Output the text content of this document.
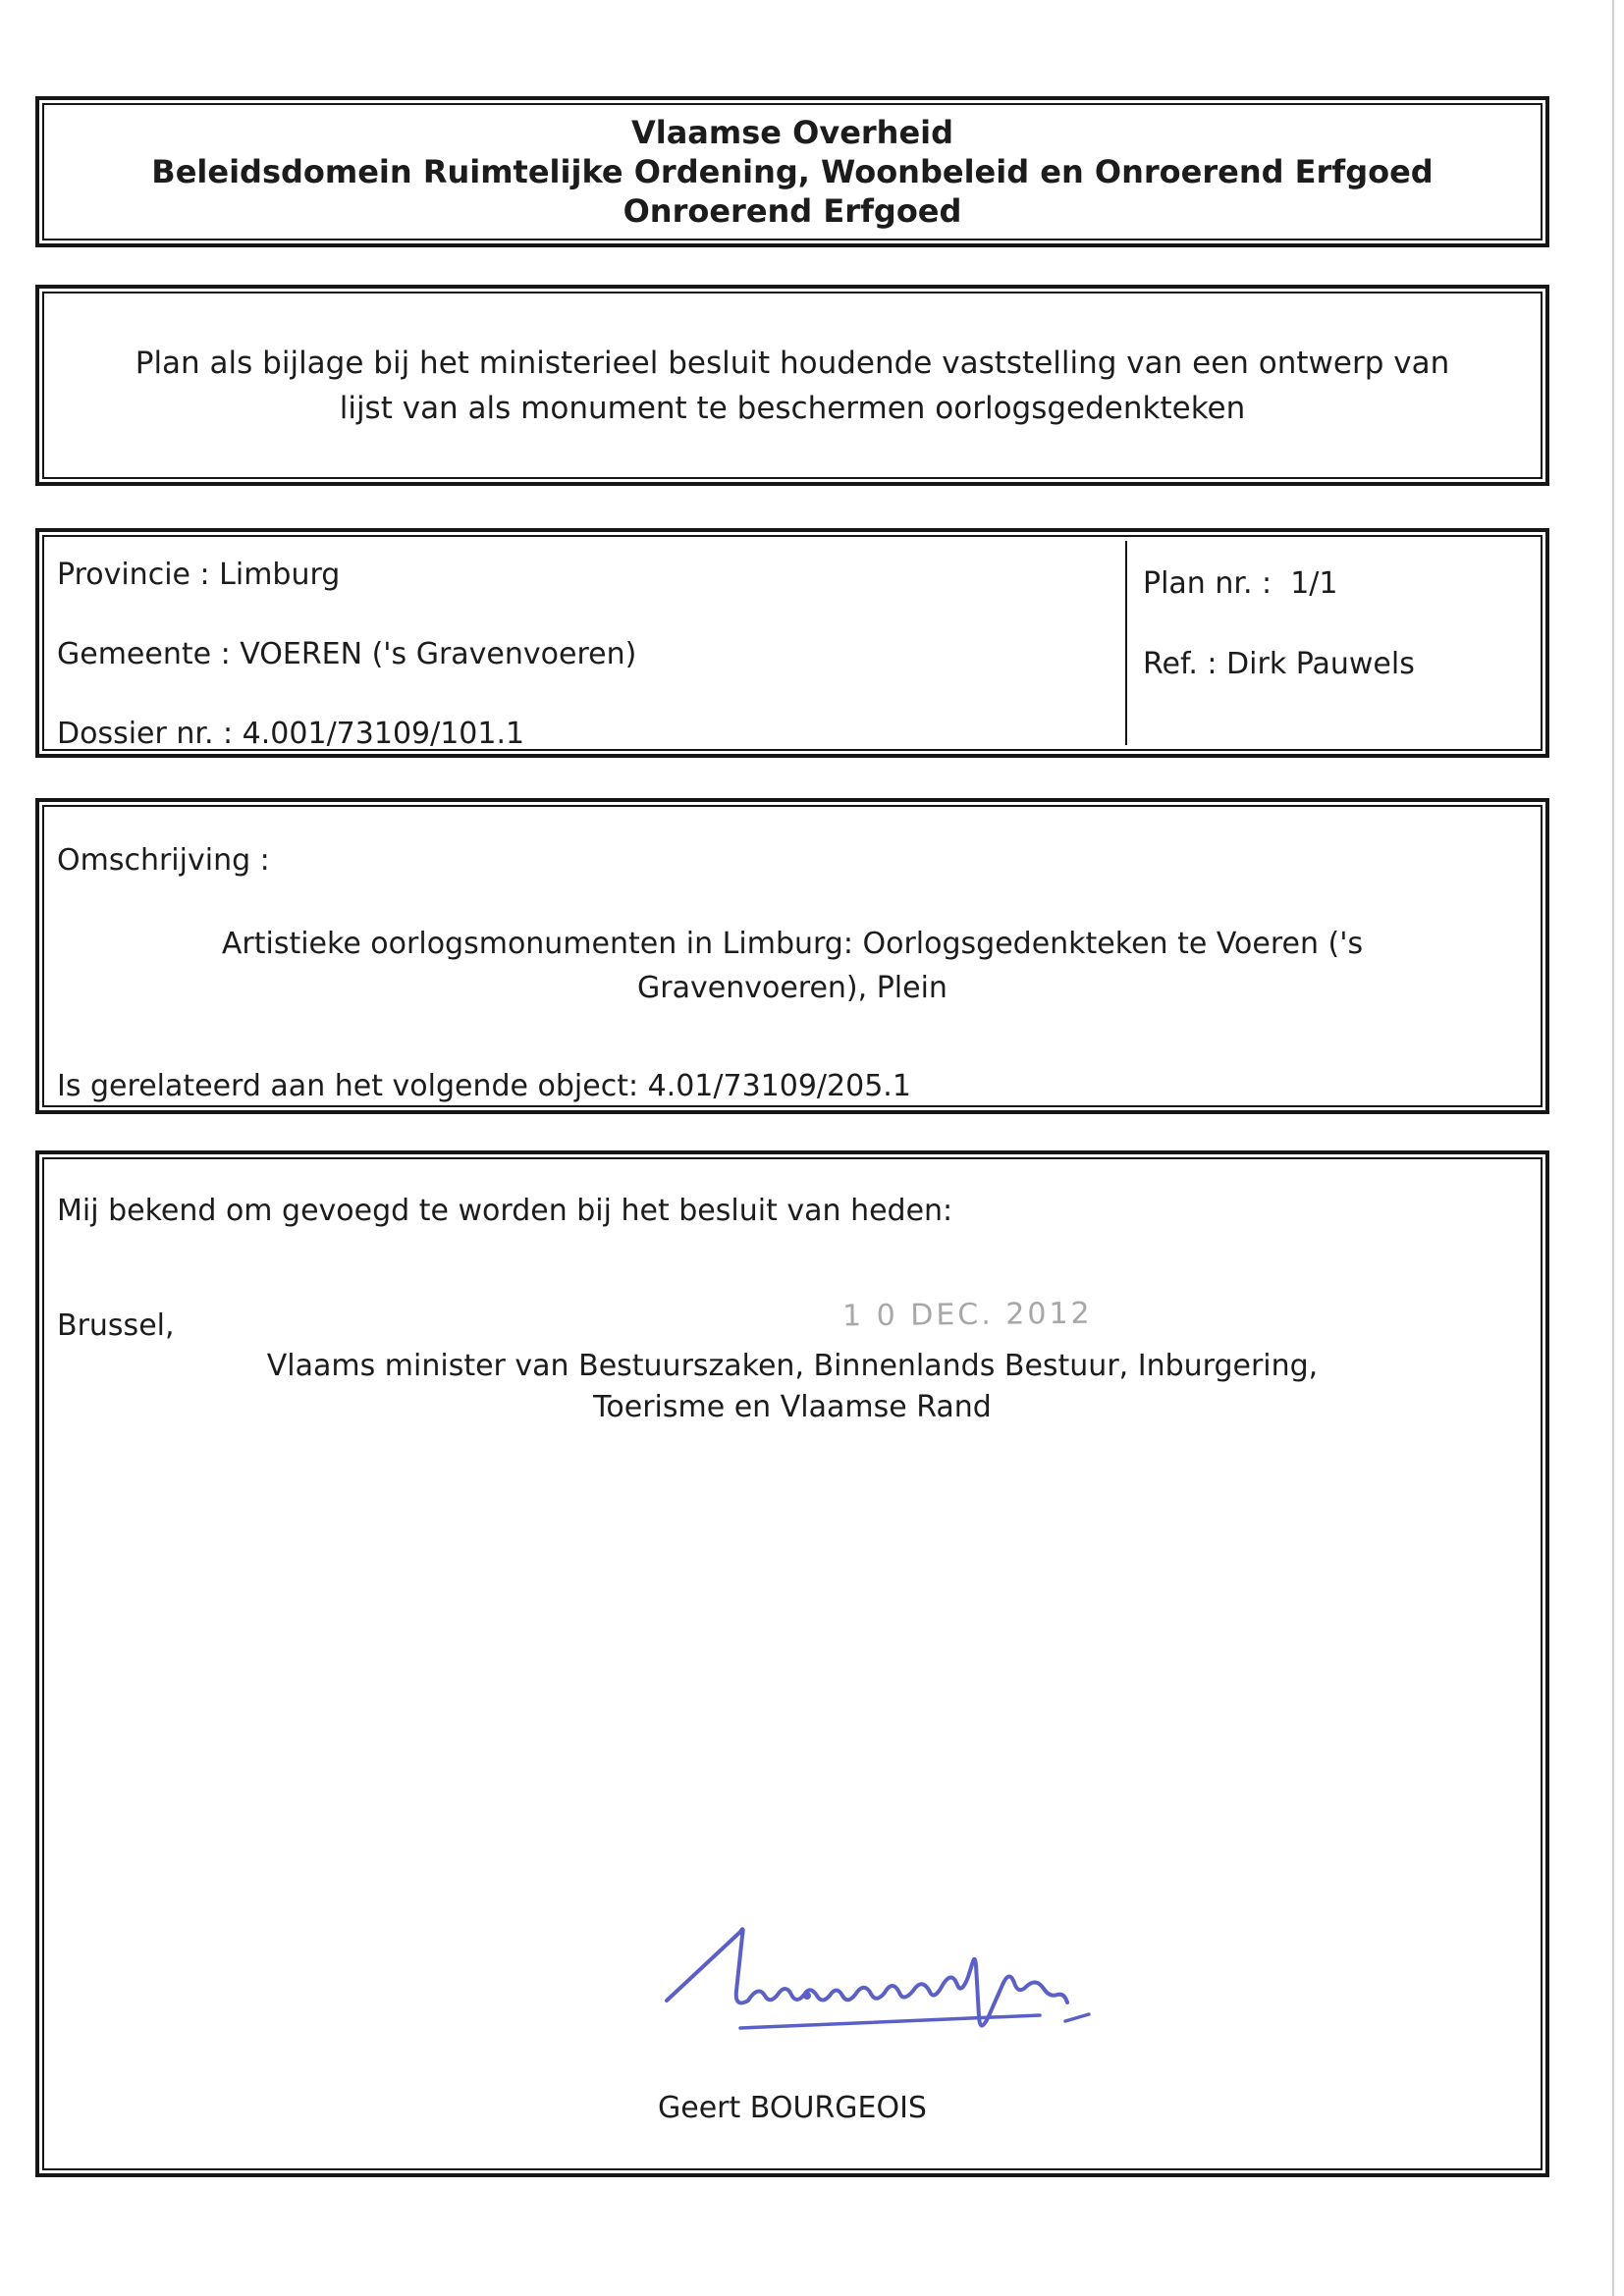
Vlaamse Overheid
Beleidsdomein Ruimtelijke Ordening, Woonbeleid en Onroerend Erfgoed
Onroerend Erfgoed
Plan als bijlage bij het ministerieel besluit houdende vaststelling van een ontwerp van
lijst van als monument te beschermen oorlogsgedenkteken
Provincie : Limburg
Gemeente : VOEREN ('s Gravenvoeren)
Dossier nr. : 4.001/73109/101.1
Plan nr. :  1/1
Ref. : Dirk Pauwels
Omschrijving :
Artistieke oorlogsmonumenten in Limburg: Oorlogsgedenkteken te Voeren ('s
Gravenvoeren), Plein
Is gerelateerd aan het volgende object: 4.01/73109/205.1
Mij bekend om gevoegd te worden bij het besluit van heden:
Brussel,	1 0 DEC. 2012
Vlaams minister van Bestuurszaken, Binnenlands Bestuur, Inburgering,
Toerisme en Vlaamse Rand
Geert BOURGEOIS
